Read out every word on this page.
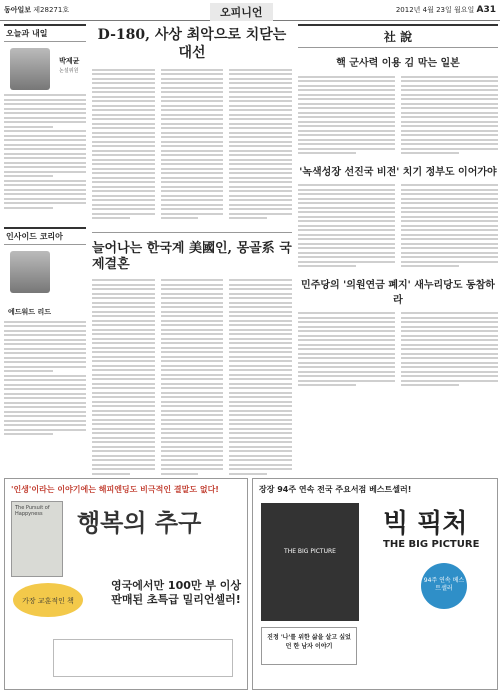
동아일보 제28271호	오피니언	2012년 4월 23일 월요일 A31
오늘과 내일
박제균
논설위원
인사이드 코리아
에드워드 리드
D-180, 사상 최악으로 치닫는 대선
늘어나는 한국계 美國인, 몽골系 국제결혼
社 說
핵 군사력 이용 김 막는 일본
'녹색성장 선진국 비전' 치기 정부도 이어가야
민주당의 '의원연금 폐지' 새누리당도 동참하라
'인생'이라는 이야기에는 해피엔딩도 비극적인 결말도 없다!
The Pursuit of Happyness	행복의 추구
가장 교훈적인 책
영국에서만 100만 부 이상 판매된 초특급 밀리언셀러!
장장 94주 연속 전국 주요서점 베스트셀러!
THE BIG PICTURE
빅 픽처
THE BIG PICTURE
94주 연속 베스트셀러
진정 '나'를 위한 삶을 살고 싶었던 한 남자 이야기
